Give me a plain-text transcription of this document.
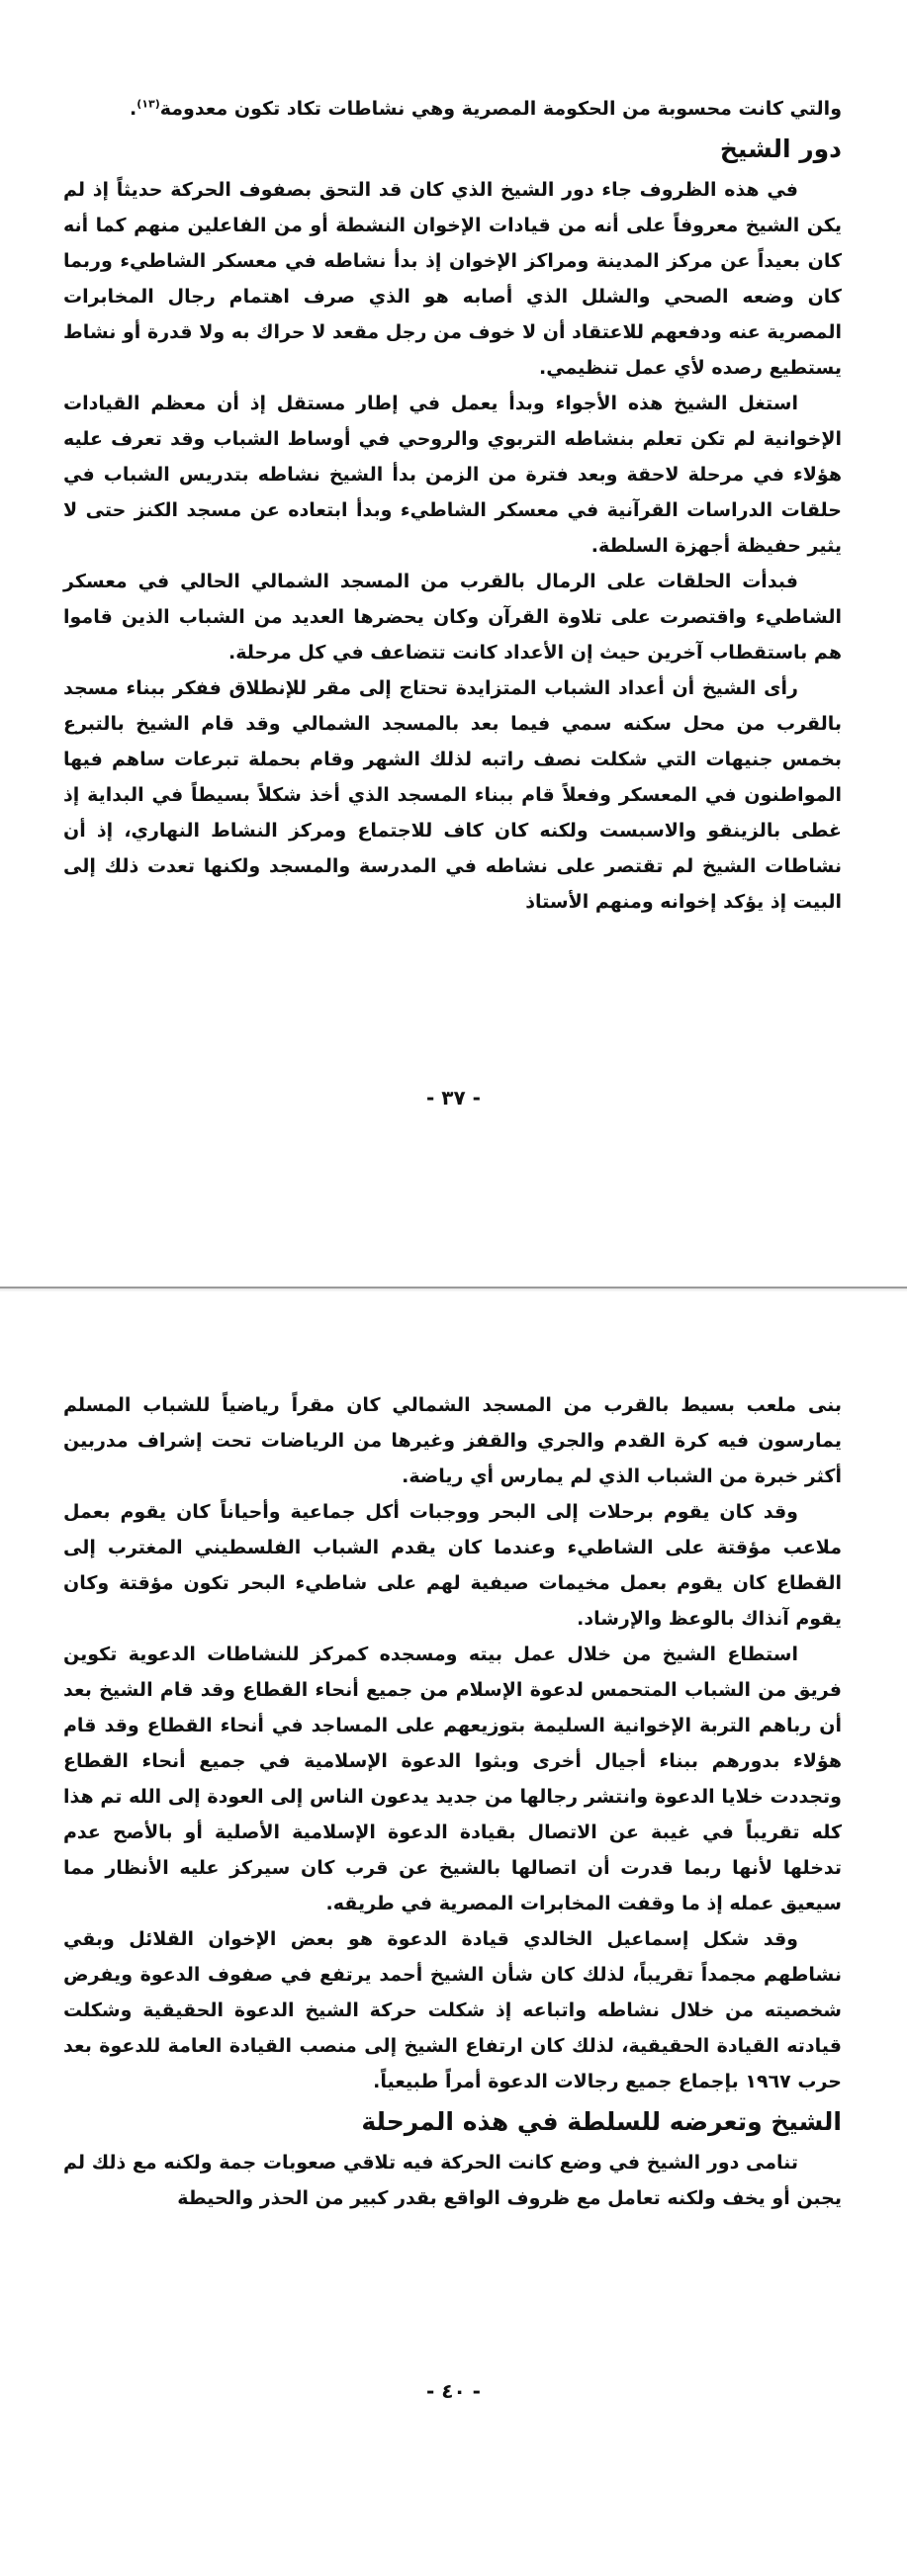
والتي كانت محسوبة من الحكومة المصرية وهي نشاطات تكاد تكون معدومة$^{(١٣)}$.

دور الشيخ

في هذه الظروف جاء دور الشيخ الذي كان قد التحق بصفوف الحركة حديثاً إذ لم يكن الشيخ معروفاً على أنه من قيادات الإخوان النشطة أو من الفاعلين منهم كما أنه كان بعيداً عن مركز المدينة ومراكز الإخوان إذ بدأ نشاطه في معسكر الشاطيء وربما كان وضعه الصحي والشلل الذي أصابه هو الذي صرف اهتمام رجال المخابرات المصرية عنه ودفعهم للاعتقاد أن لا خوف من رجل مقعد لا حراك به ولا قدرة أو نشاط يستطيع رصده لأي عمل تنظيمي.

استغل الشيخ هذه الأجواء وبدأ يعمل في إطار مستقل إذ أن معظم القيادات الإخوانية لم تكن تعلم بنشاطه التربوي والروحي في أوساط الشباب وقد تعرف عليه هؤلاء في مرحلة لاحقة وبعد فترة من الزمن بدأ الشيخ نشاطه بتدريس الشباب في حلقات الدراسات القرآنية في معسكر الشاطيء وبدأ ابتعاده عن مسجد الكنز حتى لا يثير حفيظة أجهزة السلطة.

فبدأت الحلقات على الرمال بالقرب من المسجد الشمالي الحالي في معسكر الشاطيء واقتصرت على تلاوة القرآن وكان يحضرها العديد من الشباب الذين قاموا هم باستقطاب آخرين حيث إن الأعداد كانت تتضاعف في كل مرحلة.

رأى الشيخ أن أعداد الشباب المتزايدة تحتاج إلى مقر للإنطلاق ففكر ببناء مسجد بالقرب من محل سكنه سمي فيما بعد بالمسجد الشمالي وقد قام الشيخ بالتبرع بخمس جنيهات التي شكلت نصف راتبه لذلك الشهر وقام بحملة تبرعات ساهم فيها المواطنون في المعسكر وفعلاً قام ببناء المسجد الذي أخذ شكلاً بسيطاً في البداية إذ غطى بالزينقو والاسبست ولكنه كان كاف للاجتماع ومركز النشاط النهاري، إذ أن نشاطات الشيخ لم تقتصر على نشاطه في المدرسة والمسجد ولكنها تعدت ذلك إلى البيت إذ يؤكد إخوانه ومنهم الأستاذ

- ٣٧ -

بنى ملعب بسيط بالقرب من المسجد الشمالي كان مقراً رياضياً للشباب المسلم يمارسون فيه كرة القدم والجري والقفز وغيرها من الرياضات تحت إشراف مدربين أكثر خبرة من الشباب الذي لم يمارس أي رياضة.

وقد كان يقوم برحلات إلى البحر ووجبات أكل جماعية وأحياناً كان يقوم بعمل ملاعب مؤقتة على الشاطيء وعندما كان يقدم الشباب الفلسطيني المغترب إلى القطاع كان يقوم بعمل مخيمات صيفية لهم على شاطيء البحر تكون مؤقتة وكان يقوم آنذاك بالوعظ والإرشاد.

استطاع الشيخ من خلال عمل بيته ومسجده كمركز للنشاطات الدعوية تكوين فريق من الشباب المتحمس لدعوة الإسلام من جميع أنحاء القطاع وقد قام الشيخ بعد أن رباهم التربة الإخوانية السليمة بتوزيعهم على المساجد في أنحاء القطاع وقد قام هؤلاء بدورهم ببناء أجيال أخرى وبثوا الدعوة الإسلامية في جميع أنحاء القطاع وتجددت خلايا الدعوة وانتشر رجالها من جديد يدعون الناس إلى العودة إلى الله تم هذا كله تقريباً في غيبة عن الاتصال بقيادة الدعوة الإسلامية الأصلية أو بالأصح عدم تدخلها لأنها ربما قدرت أن اتصالها بالشيخ عن قرب كان سيركز عليه الأنظار مما سيعيق عمله إذ ما وقفت المخابرات المصرية في طريقه.

وقد شكل إسماعيل الخالدي قيادة الدعوة هو بعض الإخوان القلائل وبقي نشاطهم مجمداً تقريباً، لذلك كان شأن الشيخ أحمد يرتفع في صفوف الدعوة ويفرض شخصيته من خلال نشاطه واتباعه إذ شكلت حركة الشيخ الدعوة الحقيقية وشكلت قيادته القيادة الحقيقية، لذلك كان ارتفاع الشيخ إلى منصب القيادة العامة للدعوة بعد حرب ١٩٦٧ بإجماع جميع رجالات الدعوة أمراً طبيعياً.

الشيخ وتعرضه للسلطة في هذه المرحلة

تنامى دور الشيخ في وضع كانت الحركة فيه تلاقي صعوبات جمة ولكنه مع ذلك لم يجبن أو يخف ولكنه تعامل مع ظروف الواقع بقدر كبير من الحذر والحيطة

- ٤٠ -
